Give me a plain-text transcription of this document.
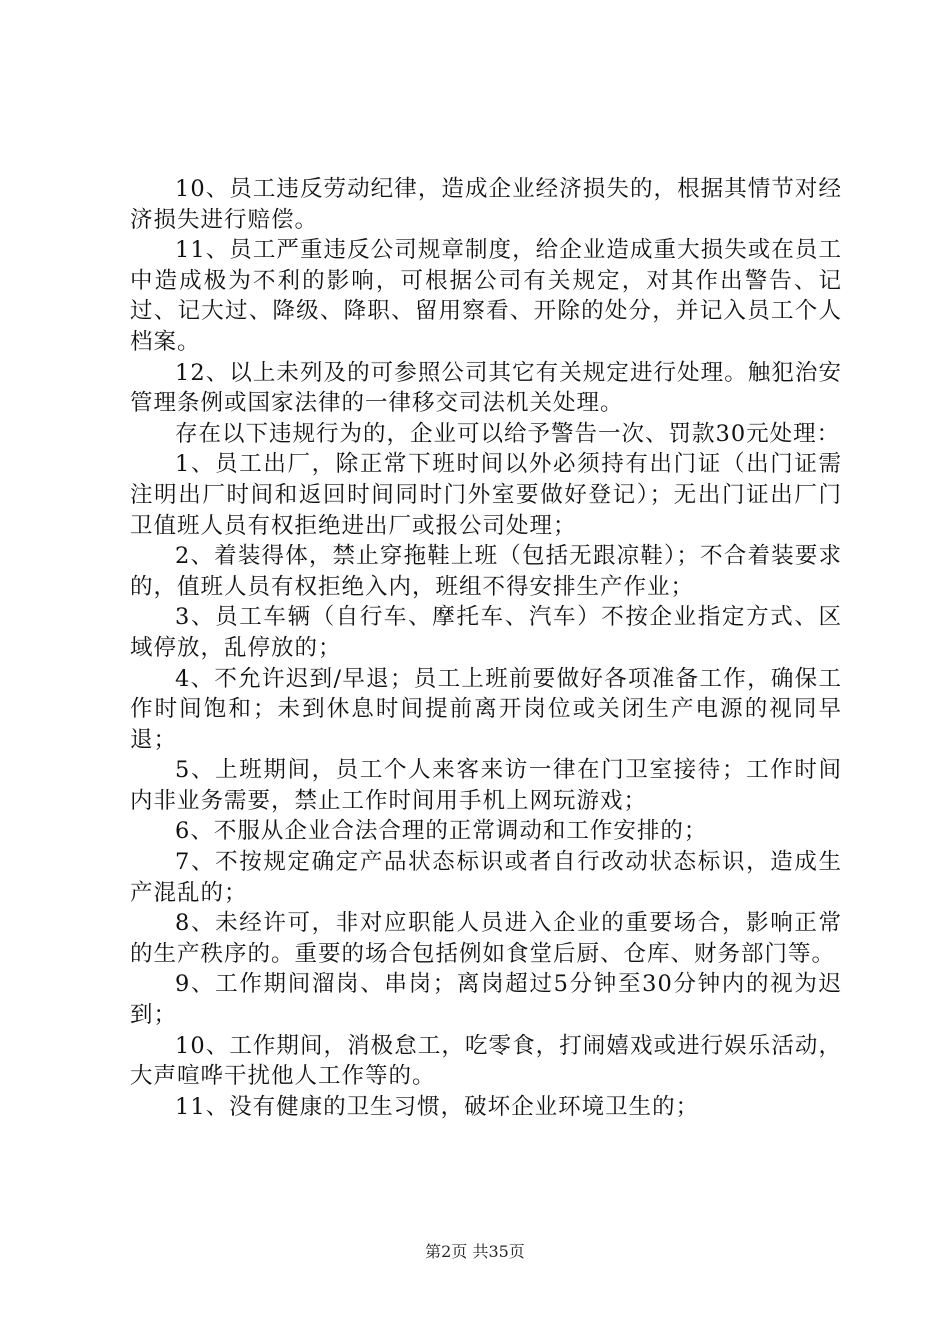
10、员工违反劳动纪律，造成企业经济损失的，根据其情节对经济损失进行赔偿。

11、员工严重违反公司规章制度，给企业造成重大损失或在员工中造成极为不利的影响，可根据公司有关规定，对其作出警告、记过、记大过、降级、降职、留用察看、开除的处分，并记入员工个人档案。

12、以上未列及的可参照公司其它有关规定进行处理。触犯治安管理条例或国家法律的一律移交司法机关处理。

存在以下违规行为的，企业可以给予警告一次、罚款30元处理：

1、员工出厂，除正常下班时间以外必须持有出门证（出门证需注明出厂时间和返回时间同时门外室要做好登记）；无出门证出厂门卫值班人员有权拒绝进出厂或报公司处理；

2、着装得体，禁止穿拖鞋上班（包括无跟凉鞋）；不合着装要求的，值班人员有权拒绝入内，班组不得安排生产作业；

3、员工车辆（自行车、摩托车、汽车）不按企业指定方式、区域停放，乱停放的；

4、不允许迟到/早退；员工上班前要做好各项准备工作，确保工作时间饱和；未到休息时间提前离开岗位或关闭生产电源的视同早退；

5、上班期间，员工个人来客来访一律在门卫室接待；工作时间内非业务需要，禁止工作时间用手机上网玩游戏；

6、不服从企业合法合理的正常调动和工作安排的；

7、不按规定确定产品状态标识或者自行改动状态标识，造成生产混乱的；

8、未经许可，非对应职能人员进入企业的重要场合，影响正常的生产秩序的。重要的场合包括例如食堂后厨、仓库、财务部门等。

9、工作期间溜岗、串岗；离岗超过5分钟至30分钟内的视为迟到；

10、工作期间，消极怠工，吃零食，打闹嬉戏或进行娱乐活动，大声喧哗干扰他人工作等的。

11、没有健康的卫生习惯，破坏企业环境卫生的；

第2页 共35页
